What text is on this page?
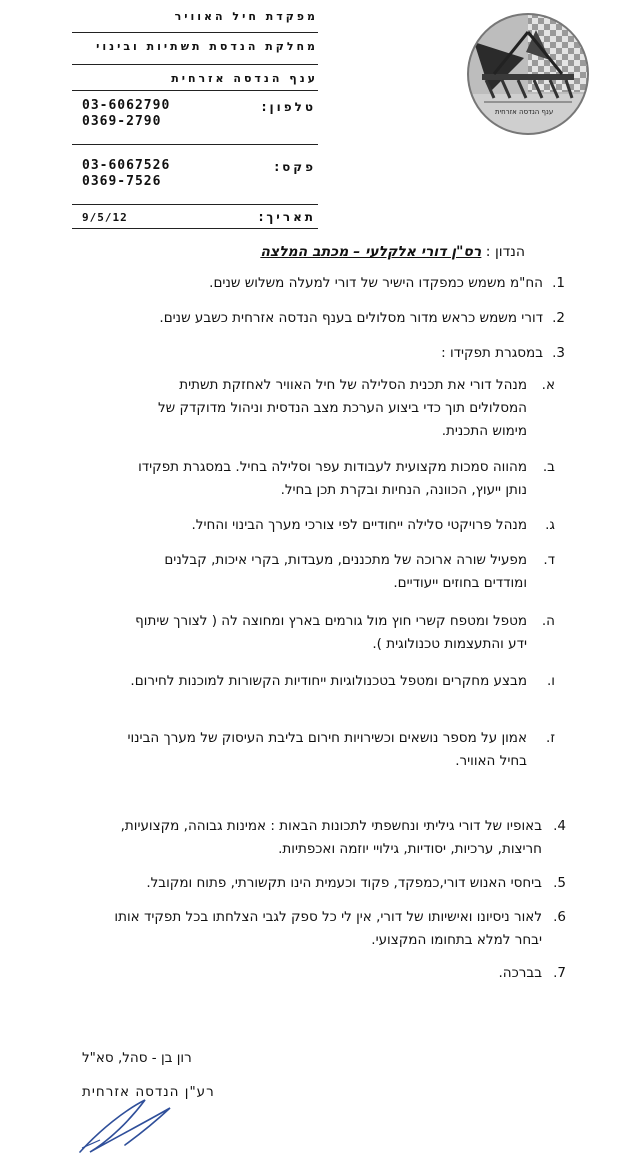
מפקדת חיל האוויר
מחלקת הנדסת תשתיות ובינוי
ענף הנדסה אזרחית
טלפון:
03-6062790
0369-2790
פקס:
03-6067526
0369-7526
תאריך:
9/5/12
ענף הנדסה אזרחית
הנדון : רס"ן דורי אלקלעי – מכתב המלצה
1.
הח"מ משמש כמפקדו הישיר של דורי למעלה משלוש שנים.
2.
דורי משמש כראש מדור מסלולים בענף הנדסה אזרחית כשבע שנים.
3.
במסגרת תפקידו :
א.
מנהל דורי את תכנית הסלילה של חיל האוויר לאחזקת תשתית המסלולים תוך כדי ביצוע הערכת מצב הנדסית וניהול מדוקדק של מימוש התכנית.
ב.
מהווה סמכות מקצועית לעבודות עפר וסלילה בחיל. במסגרת תפקידו נותן ייעוץ, הכוונה, הנחיות ובקרת תכן בחיל.
ג.
מנהל פרויקטי סלילה ייחודיים לפי צורכי מערך הבינוי והחיל.
ד.
מפעיל שורה ארוכה של מתכננים, מעבדות, בקרי איכות, קבלנים ומודדים בחוזים ייעודיים.
ה.
מטפל ומטפח קשרי חוץ מול גורמים בארץ ומחוצה לה ( לצורך שיתוף ידע והתעצמות טכנולוגית ).
ו.
מבצע מחקרים ומטפל בטכנולוגיות ייחודיות הקשורות למוכנות לחירום.
ז.
אמון על מספר נושאים וכשירויות חירום בליבת העיסוק של מערך הבינוי בחיל האוויר.
4.
באופיו של דורי גיליתי ונחשפתי לתכונות הבאות : אמינות גבוהה, מקצועיות, חריצות, ערכיות, יסודיות, גילויי יוזמה ואכפתיות.
5.
ביחסי האנוש דורי,כמפקד, פקוד וכעמית הינו תקשורתי, פתוח ומקובל.
6.
לאור ניסיונו ואישיותו של דורי, אין לי כל ספק לגבי הצלחתו בכל תפקיד אותו יבחר למלא בתחומו המקצועי.
7.
בברכה.
רון בן - סהל, סא"ל
רע"ן הנדסה אזרחית
